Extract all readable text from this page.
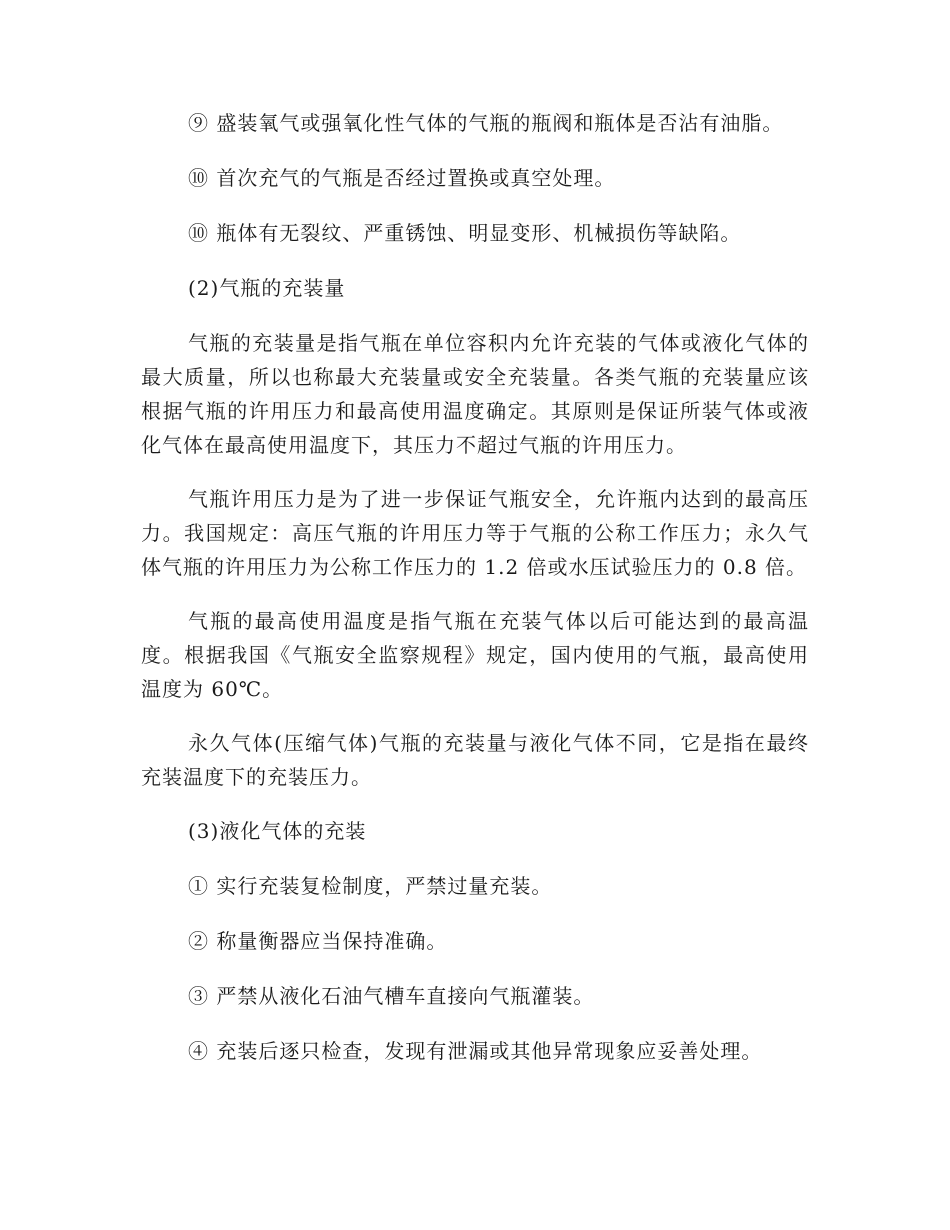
⑨ 盛装氧气或强氧化性气体的气瓶的瓶阀和瓶体是否沾有油脂。

⑩ 首次充气的气瓶是否经过置换或真空处理。

⑩ 瓶体有无裂纹、严重锈蚀、明显变形、机械损伤等缺陷。

(2)气瓶的充装量

气瓶的充装量是指气瓶在单位容积内允许充装的气体或液化气体的最大质量，所以也称最大充装量或安全充装量。各类气瓶的充装量应该根据气瓶的许用压力和最高使用温度确定。其原则是保证所装气体或液化气体在最高使用温度下，其压力不超过气瓶的许用压力。

气瓶许用压力是为了进一步保证气瓶安全，允许瓶内达到的最高压力。我国规定：高压气瓶的许用压力等于气瓶的公称工作压力；永久气体气瓶的许用压力为公称工作压力的 1.2 倍或水压试验压力的 0.8 倍。

气瓶的最高使用温度是指气瓶在充装气体以后可能达到的最高温度。根据我国《气瓶安全监察规程》规定，国内使用的气瓶，最高使用温度为 60℃。

永久气体(压缩气体)气瓶的充装量与液化气体不同，它是指在最终充装温度下的充装压力。

(3)液化气体的充装

① 实行充装复检制度，严禁过量充装。

② 称量衡器应当保持准确。

③ 严禁从液化石油气槽车直接向气瓶灌装。

④ 充装后逐只检查，发现有泄漏或其他异常现象应妥善处理。
